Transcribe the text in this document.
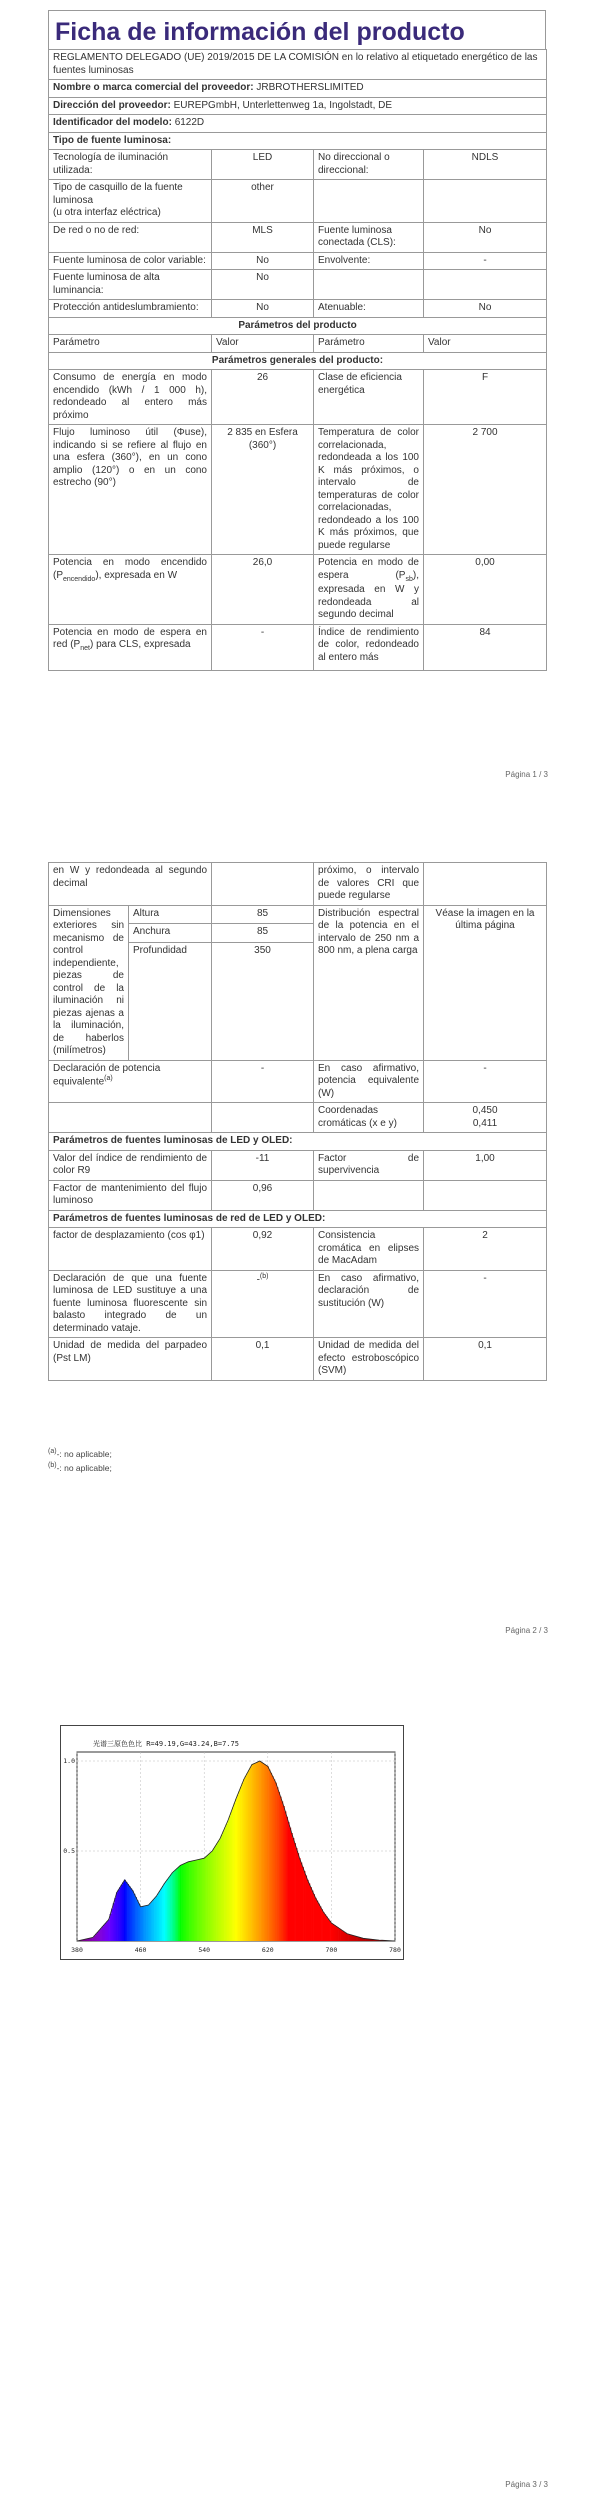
Ficha de información del producto
REGLAMENTO DELEGADO (UE) 2019/2015 DE LA COMISIÓN en lo relativo al etiquetado energético de las fuentes luminosas			
Nombre o marca comercial del proveedor: JRBROTHERSLIMITED			
Dirección del proveedor: EUREPGmbH, Unterlettenweg 1a, Ingolstadt, DE			
Identificador del modelo: 6122D			
Tipo de fuente luminosa:			
Tecnología de iluminación utilizada:	LED	No direccional o direccional:	NDLS

Tipo de casquillo de la fuente luminosa
(u otra interfaz eléctrica)	other		
De red o no de red:	MLS	Fuente luminosa conectada (CLS):	No
Fuente luminosa de color variable:	No	Envolvente:	-
Fuente luminosa de alta luminancia:	No		
Protección antideslumbramiento:	No	Atenuable:	No
Parámetros del producto			
Parámetro	Valor	Parámetro	Valor
Parámetros generales del producto:			
Consumo de energía en modo encendido (kWh / 1 000 h), redondeado al entero más próximo	26	Clase de eficiencia energética	F
Flujo luminoso útil (Φuse), indicando si se refiere al flujo en una esfera (360°), en un cono amplio (120°) o en un cono estrecho (90°)	2 835 en Esfera (360°)	Temperatura de color correlacionada, redondeada a los 100 K más próximos, o intervalo de temperaturas de color correlacionadas, redondeado a los 100 K más próximos, que puede regularse	2 700
Potencia en modo encendido $(P_{encendido})$, expresada en W	26,0	Potencia en modo de espera $(P_{sb})$, expresada en W y redondeada al segundo decimal	0,00
Potencia en modo de espera en red $(P_{net})$ para CLS, expresada	-	Índice de rendimiento de color, redondeado al entero más	84
Página 1 / 3
en W y redondeada al segundo decimal			próximo, o intervalo de valores CRI que puede regularse	
Dimensiones exteriores sin mecanismo de control independiente, piezas de control de la iluminación ni piezas ajenas a la iluminación, de haberlos (milímetros)	Altura	85	Distribución espectral de la potencia en el intervalo de 250 nm a 800 nm, a plena carga	Véase la imagen en la última página
	Anchura	85		
	Profundidad	350		
Declaración de potencia equivalente$^{(a)}$		-	En caso afirmativo, potencia equivalente (W)	-
			Coordenadas cromáticas (x e y)	0,450
0,411

Parámetros de fuentes luminosas de LED y OLED:				
Valor del índice de rendimiento de color R9		-11	Factor de supervivencia	1,00
Factor de mantenimiento del flujo luminoso		0,96		
Parámetros de fuentes luminosas de red de LED y OLED:				
factor de desplazamiento (cos φ1)		0,92	Consistencia cromática en elipses de MacAdam	2
Declaración de que una fuente luminosa de LED sustituye a una fuente luminosa fluorescente sin balasto integrado de un determinado vataje.		-$^{(b)}$	En caso afirmativo, declaración de sustitución (W)	-
Unidad de medida del parpadeo (Pst LM)		0,1	Unidad de medida del efecto estroboscópico (SVM)	0,1
$^{(a)}$-: no aplicable;
$^{(b)}$-: no aplicable;
Página 2 / 3
光谱三原色色比 R=49.19,G=43.24,B=7.75
380	460	540	620	700	780
1.0
0.5
Página 3 / 3
